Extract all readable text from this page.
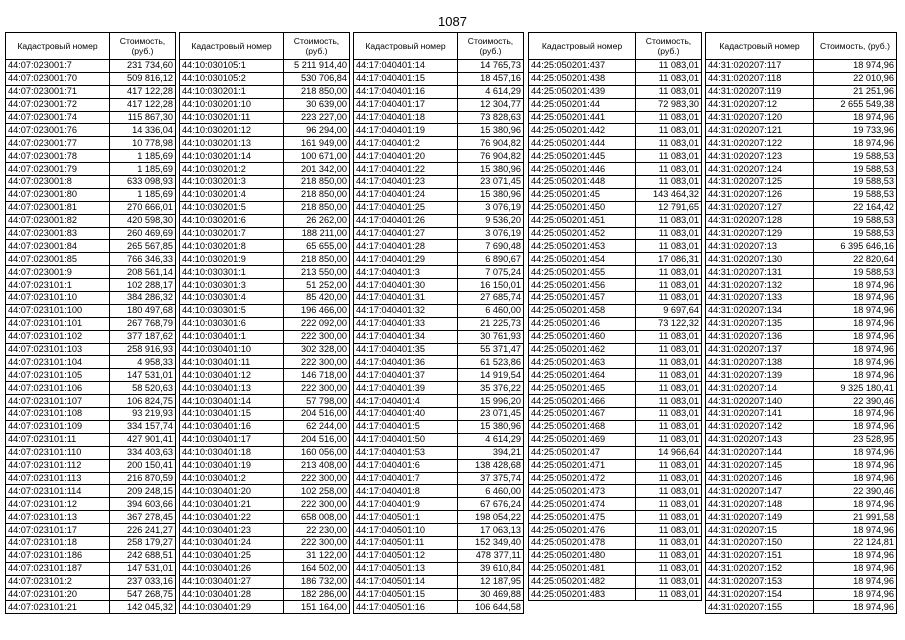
1087
Кадастровый номер	Стоимость, (руб.)
44:07:023001:7	231 734,60
44:07:023001:70	509 816,12
44:07:023001:71	417 122,28
44:07:023001:72	417 122,28
44:07:023001:74	115 867,30
44:07:023001:76	14 336,04
44:07:023001:77	10 778,98
44:07:023001:78	1 185,69
44:07:023001:79	1 185,69
44:07:023001:8	633 098,93
44:07:023001:80	1 185,69
44:07:023001:81	270 666,01
44:07:023001:82	420 598,30
44:07:023001:83	260 469,69
44:07:023001:84	265 567,85
44:07:023001:85	766 346,33
44:07:023001:9	208 561,14
44:07:023101:1	102 288,17
44:07:023101:10	384 286,32
44:07:023101:100	180 497,68
44:07:023101:101	267 768,79
44:07:023101:102	377 187,62
44:07:023101:103	258 916,93
44:07:023101:104	4 958,33
44:07:023101:105	147 531,01
44:07:023101:106	58 520,63
44:07:023101:107	106 824,75
44:07:023101:108	93 219,93
44:07:023101:109	334 157,74
44:07:023101:11	427 901,41
44:07:023101:110	334 403,63
44:07:023101:112	200 150,41
44:07:023101:113	216 870,59
44:07:023101:114	209 248,15
44:07:023101:12	394 603,66
44:07:023101:13	367 278,45
44:07:023101:17	226 241,27
44:07:023101:18	258 179,27
44:07:023101:186	242 688,51
44:07:023101:187	147 531,01
44:07:023101:2	237 033,16
44:07:023101:20	547 268,75
44:07:023101:21	142 045,32
Кадастровый номер	Стоимость, (руб.)
44:10:030105:1	5 211 914,40
44:10:030105:2	530 706,84
44:10:030201:1	218 850,00
44:10:030201:10	30 639,00
44:10:030201:11	223 227,00
44:10:030201:12	96 294,00
44:10:030201:13	161 949,00
44:10:030201:14	100 671,00
44:10:030201:2	201 342,00
44:10:030201:3	218 850,00
44:10:030201:4	218 850,00
44:10:030201:5	218 850,00
44:10:030201:6	26 262,00
44:10:030201:7	188 211,00
44:10:030201:8	65 655,00
44:10:030201:9	218 850,00
44:10:030301:1	213 550,00
44:10:030301:3	51 252,00
44:10:030301:4	85 420,00
44:10:030301:5	196 466,00
44:10:030301:6	222 092,00
44:10:030401:1	222 300,00
44:10:030401:10	302 328,00
44:10:030401:11	222 300,00
44:10:030401:12	146 718,00
44:10:030401:13	222 300,00
44:10:030401:14	57 798,00
44:10:030401:15	204 516,00
44:10:030401:16	62 244,00
44:10:030401:17	204 516,00
44:10:030401:18	160 056,00
44:10:030401:19	213 408,00
44:10:030401:2	222 300,00
44:10:030401:20	102 258,00
44:10:030401:21	222 300,00
44:10:030401:22	658 008,00
44:10:030401:23	22 230,00
44:10:030401:24	222 300,00
44:10:030401:25	31 122,00
44:10:030401:26	164 502,00
44:10:030401:27	186 732,00
44:10:030401:28	182 286,00
44:10:030401:29	151 164,00
Кадастровый номер	Стоимость, (руб.)
44:17:040401:14	14 765,73
44:17:040401:15	18 457,16
44:17:040401:16	4 614,29
44:17:040401:17	12 304,77
44:17:040401:18	73 828,63
44:17:040401:19	15 380,96
44:17:040401:2	76 904,82
44:17:040401:20	76 904,82
44:17:040401:22	15 380,96
44:17:040401:23	23 071,45
44:17:040401:24	15 380,96
44:17:040401:25	3 076,19
44:17:040401:26	9 536,20
44:17:040401:27	3 076,19
44:17:040401:28	7 690,48
44:17:040401:29	6 890,67
44:17:040401:3	7 075,24
44:17:040401:30	16 150,01
44:17:040401:31	27 685,74
44:17:040401:32	6 460,00
44:17:040401:33	21 225,73
44:17:040401:34	30 761,93
44:17:040401:35	55 371,47
44:17:040401:36	61 523,86
44:17:040401:37	14 919,54
44:17:040401:39	35 376,22
44:17:040401:4	15 996,20
44:17:040401:40	23 071,45
44:17:040401:5	15 380,96
44:17:040401:50	4 614,29
44:17:040401:53	394,21
44:17:040401:6	138 428,68
44:17:040401:7	37 375,74
44:17:040401:8	6 460,00
44:17:040401:9	67 676,24
44:17:040501:1	198 054,22
44:17:040501:10	17 063,13
44:17:040501:11	152 349,40
44:17:040501:12	478 377,11
44:17:040501:13	39 610,84
44:17:040501:14	12 187,95
44:17:040501:15	30 469,88
44:17:040501:16	106 644,58
Кадастровый номер	Стоимость, (руб.)
44:25:050201:437	11 083,01
44:25:050201:438	11 083,01
44:25:050201:439	11 083,01
44:25:050201:44	72 983,30
44:25:050201:441	11 083,01
44:25:050201:442	11 083,01
44:25:050201:444	11 083,01
44:25:050201:445	11 083,01
44:25:050201:446	11 083,01
44:25:050201:448	11 083,01
44:25:050201:45	143 464,32
44:25:050201:450	12 791,65
44:25:050201:451	11 083,01
44:25:050201:452	11 083,01
44:25:050201:453	11 083,01
44:25:050201:454	17 086,31
44:25:050201:455	11 083,01
44:25:050201:456	11 083,01
44:25:050201:457	11 083,01
44:25:050201:458	9 697,64
44:25:050201:46	73 122,32
44:25:050201:460	11 083,01
44:25:050201:462	11 083,01
44:25:050201:463	11 083,01
44:25:050201:464	11 083,01
44:25:050201:465	11 083,01
44:25:050201:466	11 083,01
44:25:050201:467	11 083,01
44:25:050201:468	11 083,01
44:25:050201:469	11 083,01
44:25:050201:47	14 966,64
44:25:050201:471	11 083,01
44:25:050201:472	11 083,01
44:25:050201:473	11 083,01
44:25:050201:474	11 083,01
44:25:050201:475	11 083,01
44:25:050201:476	11 083,01
44:25:050201:478	11 083,01
44:25:050201:480	11 083,01
44:25:050201:481	11 083,01
44:25:050201:482	11 083,01
44:25:050201:483	11 083,01
Кадастровый номер	Стоимость, (руб.)
44:31:020207:117	18 974,96
44:31:020207:118	22 010,96
44:31:020207:119	21 251,96
44:31:020207:12	2 655 549,38
44:31:020207:120	18 974,96
44:31:020207:121	19 733,96
44:31:020207:122	18 974,96
44:31:020207:123	19 588,53
44:31:020207:124	19 588,53
44:31:020207:125	19 588,53
44:31:020207:126	19 588,53
44:31:020207:127	22 164,42
44:31:020207:128	19 588,53
44:31:020207:129	19 588,53
44:31:020207:13	6 395 646,16
44:31:020207:130	22 820,64
44:31:020207:131	19 588,53
44:31:020207:132	18 974,96
44:31:020207:133	18 974,96
44:31:020207:134	18 974,96
44:31:020207:135	18 974,96
44:31:020207:136	18 974,96
44:31:020207:137	18 974,96
44:31:020207:138	18 974,96
44:31:020207:139	18 974,96
44:31:020207:14	9 325 180,41
44:31:020207:140	22 390,46
44:31:020207:141	18 974,96
44:31:020207:142	18 974,96
44:31:020207:143	23 528,95
44:31:020207:144	18 974,96
44:31:020207:145	18 974,96
44:31:020207:146	18 974,96
44:31:020207:147	22 390,46
44:31:020207:148	18 974,96
44:31:020207:149	21 991,58
44:31:020207:15	18 974,96
44:31:020207:150	22 124,81
44:31:020207:151	18 974,96
44:31:020207:152	18 974,96
44:31:020207:153	18 974,96
44:31:020207:154	18 974,96
44:31:020207:155	18 974,96
